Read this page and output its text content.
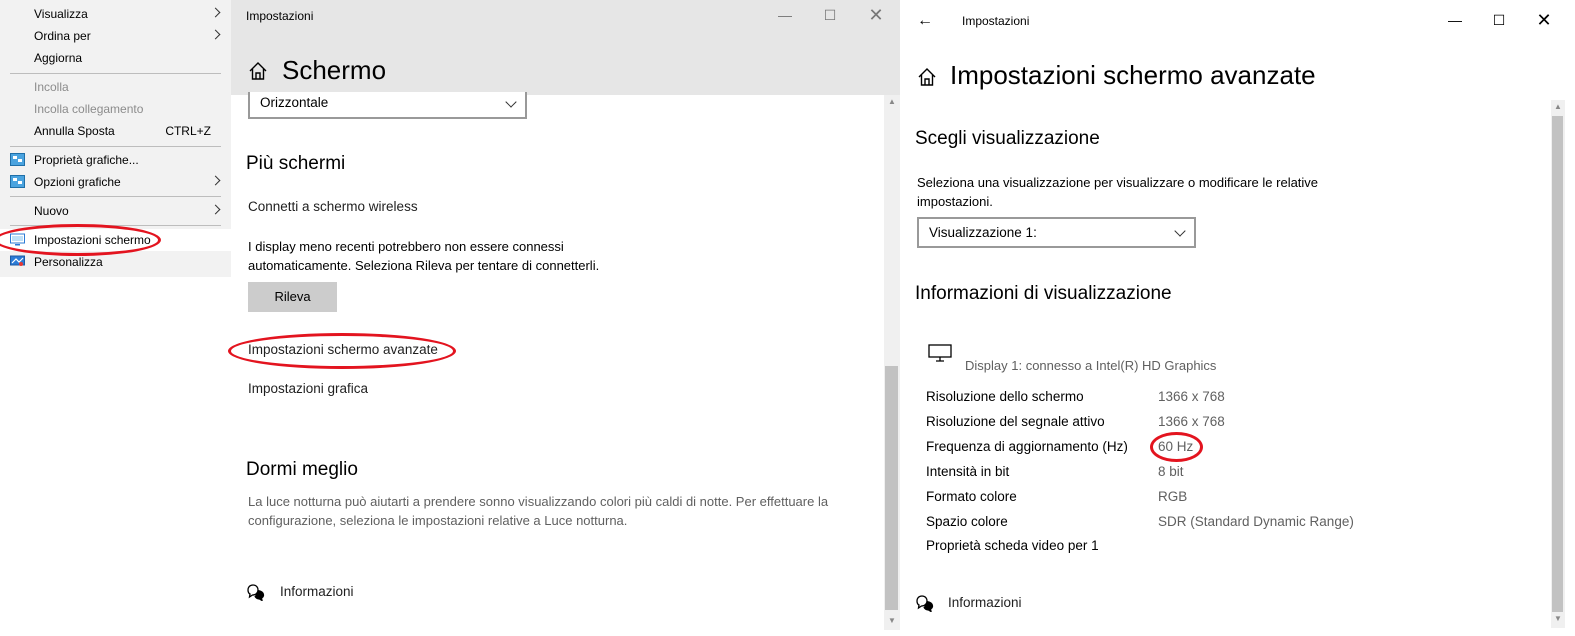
Visualizza
Ordina per
Aggiorna
Incolla
Incolla collegamento
Annulla Sposta	CTRL+Z
Proprietà grafiche...
Opzioni grafiche
Nuovo
Impostazioni schermo
Personalizza
Impostazioni	— ☐ ✕
Schermo
Orizzontale
Più schermi
Connetti a schermo wireless
I display meno recenti potrebbero non essere connessi
automaticamente. Seleziona Rileva per tentare di connetterli.
Rileva
Impostazioni schermo avanzate
Impostazioni grafica
Dormi meglio
La luce notturna può aiutarti a prendere sonno visualizzando colori più caldi di notte. Per effettuare la
configurazione, seleziona le impostazioni relative a Luce notturna.
Informazioni
▲
▼
← Impostazioni	— ☐ ✕
Impostazioni schermo avanzate
Scegli visualizzazione
Seleziona una visualizzazione per visualizzare o modificare le relative
impostazioni.
Visualizzazione 1:
Informazioni di visualizzazione
Display 1: connesso a Intel(R) HD Graphics
Risoluzione dello schermo	1366 x 768
Risoluzione del segnale attivo	1366 x 768
Frequenza di aggiornamento (Hz) 60 Hz
Intensità in bit	8 bit
Formato colore	RGB
Spazio colore	SDR (Standard Dynamic Range)
Proprietà scheda video per 1
Informazioni
▲
▼
